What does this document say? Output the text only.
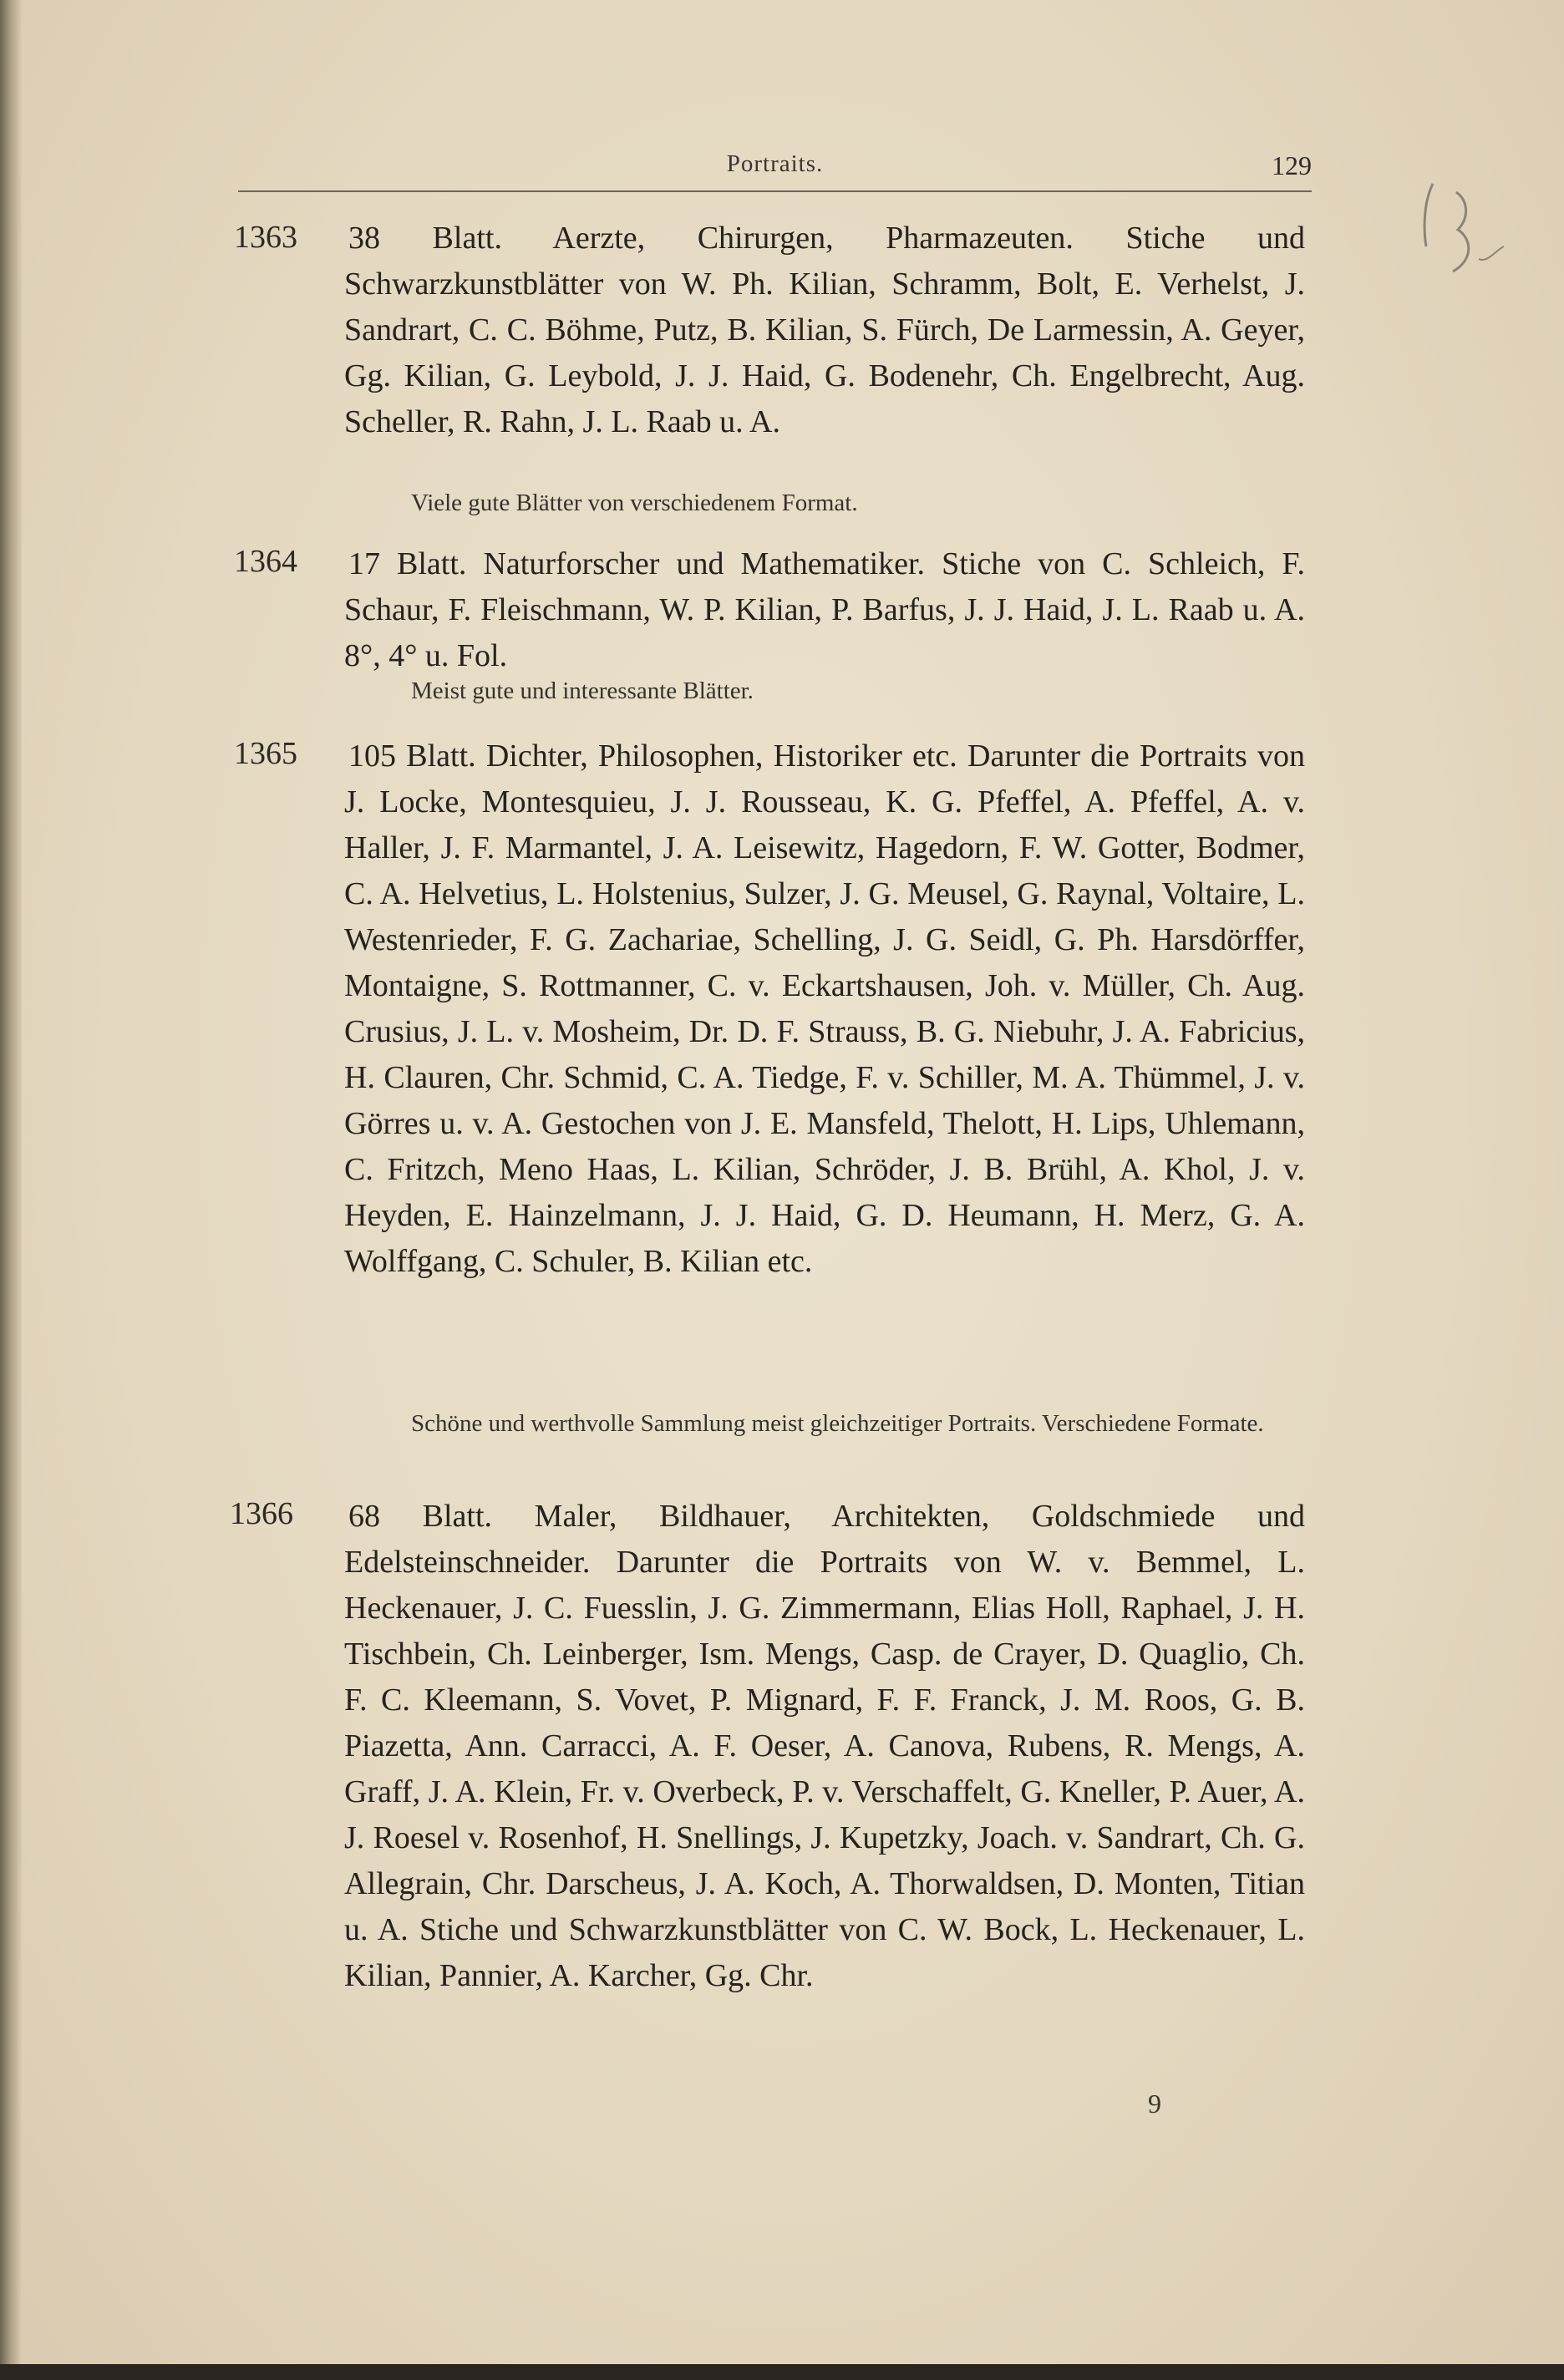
Portraits.	129
1363 38 Blatt. Aerzte, Chirurgen, Pharmazeuten. Stiche und Schwarzkunstblätter von W. Ph. Kilian, Schramm, Bolt, E. Verhelst, J. Sandrart, C. C. Böhme, Putz, B. Kilian, S. Fürch, De Larmessin, A. Geyer, Gg. Kilian, G. Leybold, J. J. Haid, G. Bodenehr, Ch. Engelbrecht, Aug. Scheller, R. Rahn, J. L. Raab u. A.
Viele gute Blätter von verschiedenem Format.
1364 17 Blatt. Naturforscher und Mathematiker. Stiche von C. Schleich, F. Schaur, F. Fleischmann, W. P. Kilian, P. Barfus, J. J. Haid, J. L. Raab u. A. 8°, 4° u. Fol.
Meist gute und interessante Blätter.
1365 105 Blatt. Dichter, Philosophen, Historiker etc. Darunter die Portraits von J. Locke, Montesquieu, J. J. Rousseau, K. G. Pfeffel, A. Pfeffel, A. v. Haller, J. F. Marmantel, J. A. Leisewitz, Hagedorn, F. W. Gotter, Bodmer, C. A. Helvetius, L. Holstenius, Sulzer, J. G. Meusel, G. Raynal, Voltaire, L. Westenrieder, F. G. Zachariae, Schelling, J. G. Seidl, G. Ph. Harsdörffer, Montaigne, S. Rottmanner, C. v. Eckartshausen, Joh. v. Müller, Ch. Aug. Crusius, J. L. v. Mosheim, Dr. D. F. Strauss, B. G. Niebuhr, J. A. Fabricius, H. Clauren, Chr. Schmid, C. A. Tiedge, F. v. Schiller, M. A. Thümmel, J. v. Görres u. v. A. Gestochen von J. E. Mansfeld, Thelott, H. Lips, Uhlemann, C. Fritzch, Meno Haas, L. Kilian, Schröder, J. B. Brühl, A. Khol, J. v. Heyden, E. Hainzelmann, J. J. Haid, G. D. Heumann, H. Merz, G. A. Wolffgang, C. Schuler, B. Kilian etc.
Schöne und werthvolle Sammlung meist gleichzeitiger Portraits. Verschiedene Formate.
1366 68 Blatt. Maler, Bildhauer, Architekten, Goldschmiede und Edelsteinschneider. Darunter die Portraits von W. v. Bemmel, L. Heckenauer, J. C. Fuesslin, J. G. Zimmermann, Elias Holl, Raphael, J. H. Tischbein, Ch. Leinberger, Ism. Mengs, Casp. de Crayer, D. Quaglio, Ch. F. C. Kleemann, S. Vovet, P. Mignard, F. F. Franck, J. M. Roos, G. B. Piazetta, Ann. Carracci, A. F. Oeser, A. Canova, Rubens, R. Mengs, A. Graff, J. A. Klein, Fr. v. Overbeck, P. v. Verschaffelt, G. Kneller, P. Auer, A. J. Roesel v. Rosenhof, H. Snellings, J. Kupetzky, Joach. v. Sandrart, Ch. G. Allegrain, Chr. Darscheus, J. A. Koch, A. Thorwaldsen, D. Monten, Titian u. A. Stiche und Schwarzkunstblätter von C. W. Bock, L. Heckenauer, L. Kilian, Pannier, A. Karcher, Gg. Chr.
9
